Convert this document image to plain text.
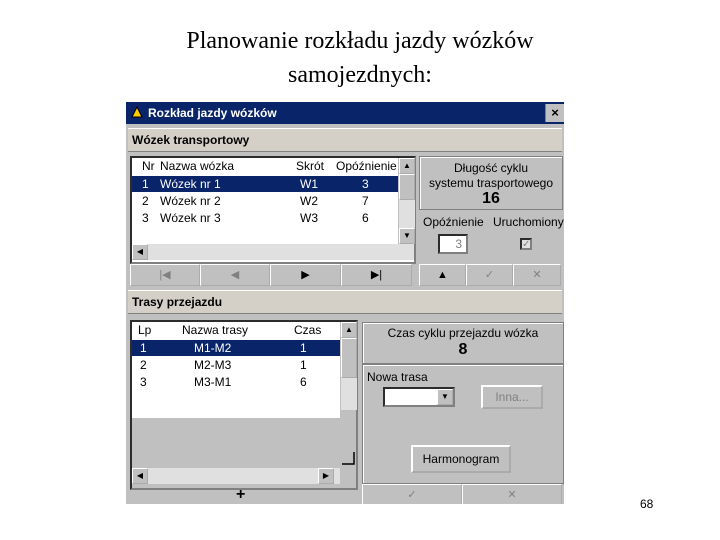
Planowanie rozkładu jazdy wózków
samojezdnych:
Rozkład jazdy wózków	×
Wózek transportowy
Nr Nazwa wózka	Skrót Opóźnienie
1 Wózek nr 1	W1	3
2 Wózek nr 2	W2	7
3 Wózek nr 3	W3	6
▲
▼
◀
|◀	◀	▶	▶|
Długość cyklu
systemu trasportowego
16
Opóźnienie Uruchomiony
3	✓
▲	✓	✕
Trasy przejazdu
Lp	Nazwa trasy	Czas
1	M1-M2	1
2	M2-M3	1
3	M3-M1	6
▲
◀	▶
+
Czas cyklu przejazdu wózka
8
Nowa trasa
▼	Inna...
Harmonogram
✓	✕
68
